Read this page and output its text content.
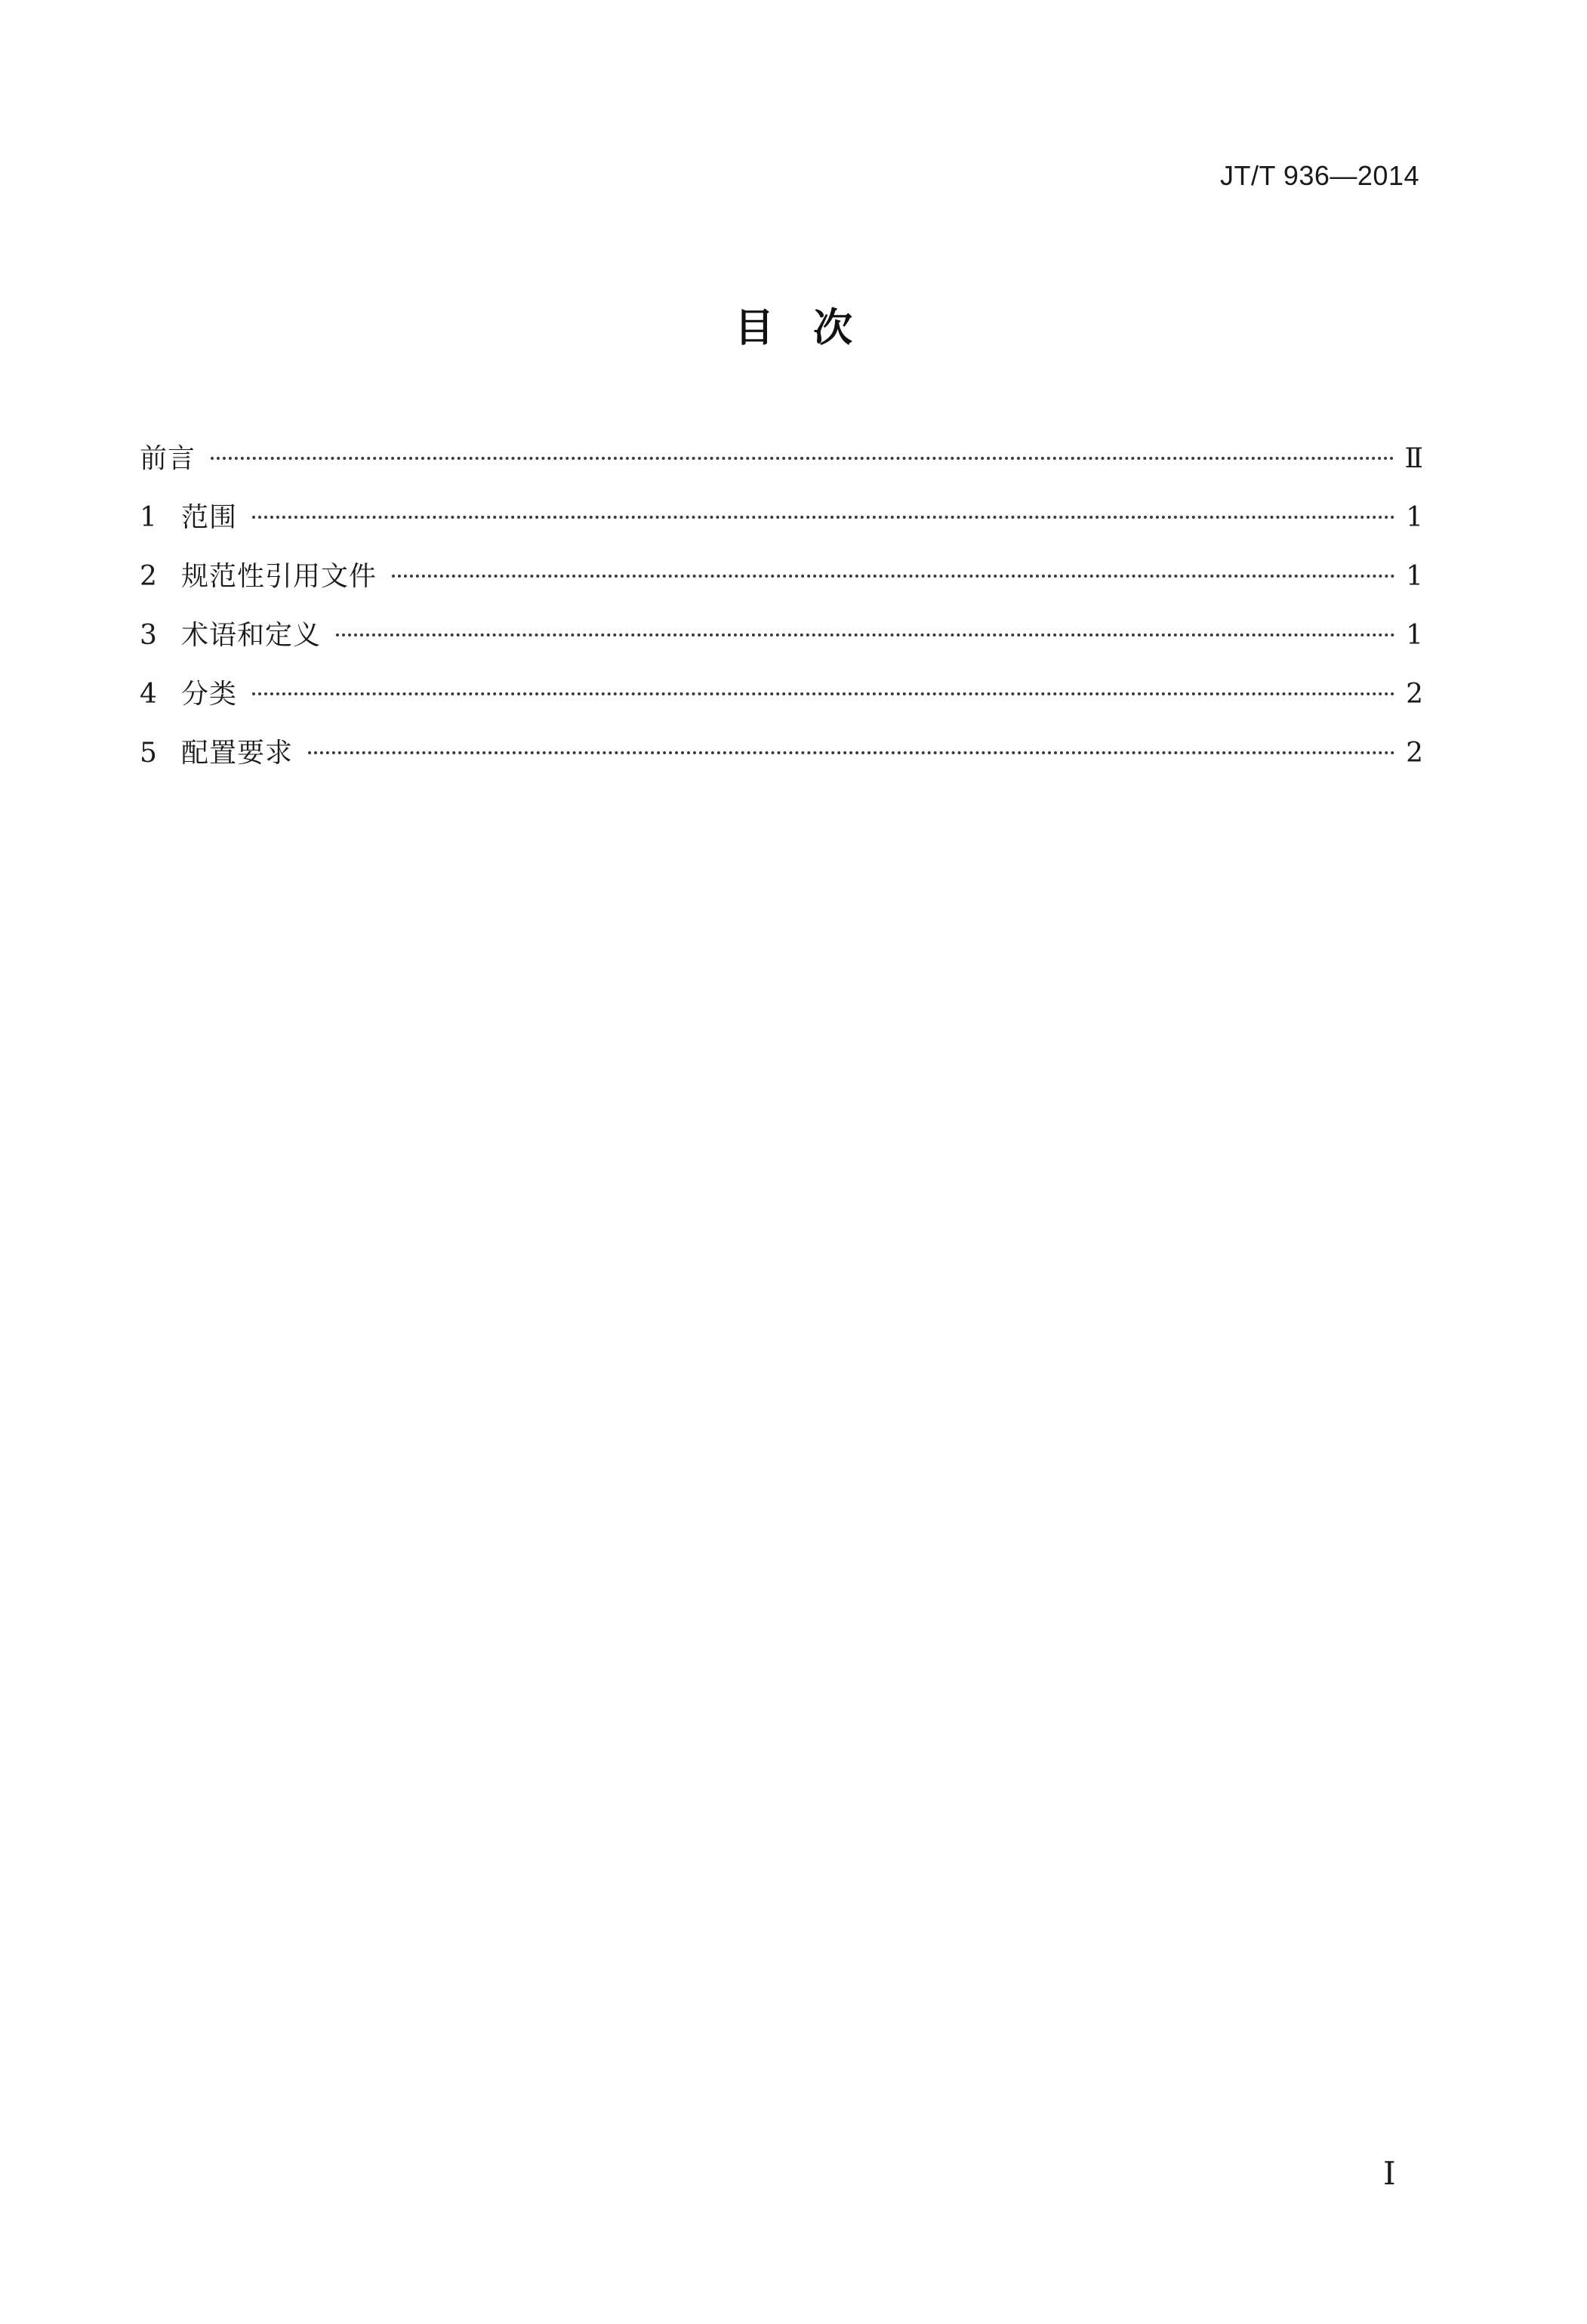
JT/T 936—2014
目　次
前言	Ⅱ
1 范围	1
2 规范性引用文件	1
3 术语和定义	1
4 分类	2
5 配置要求	2
I
